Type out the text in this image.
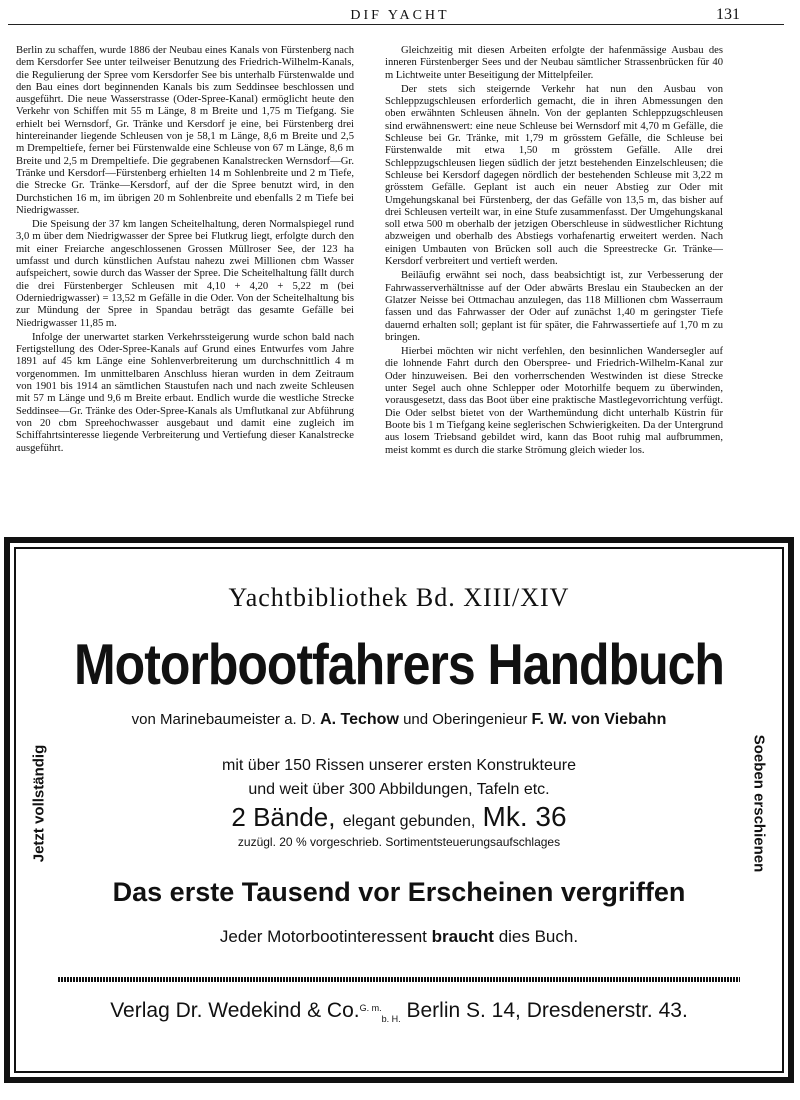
DIF YACHT	131

Berlin zu schaffen, wurde 1886 der Neubau eines Kanals von Fürstenberg nach dem Kersdorfer See unter teilweiser Benutzung des Friedrich-Wilhelm-Kanals, die Regulierung der Spree vom Kersdorfer See bis unterhalb Fürstenwalde und den Bau eines dort beginnenden Kanals bis zum Seddinsee beschlossen und ausgeführt. Die neue Wasserstrasse (Oder-Spree-Kanal) ermöglicht heute den Verkehr von Schiffen mit 55 m Länge, 8 m Breite und 1,75 m Tiefgang. Sie erhielt bei Wernsdorf, Gr. Tränke und Kersdorf je eine, bei Fürstenberg drei hintereinander liegende Schleusen von je 58,1 m Länge, 8,6 m Breite und 2,5 m Drempeltiefe, ferner bei Fürstenwalde eine Schleuse von 67 m Länge, 8,6 m Breite und 2,5 m Drempeltiefe. Die gegrabenen Kanalstrecken Wernsdorf—Gr. Tränke und Kersdorf—Fürstenberg erhielten 14 m Sohlenbreite und 2 m Tiefe, die Strecke Gr. Tränke—Kersdorf, auf der die Spree benutzt wird, in den Durchstichen 16 m, im übrigen 20 m Sohlenbreite und ebenfalls 2 m Tiefe bei Niedrigwasser.

Die Speisung der 37 km langen Scheitelhaltung, deren Normalspiegel rund 3,0 m über dem Niedrigwasser der Spree bei Flutkrug liegt, erfolgte durch den mit einer Freiarche angeschlossenen Grossen Müllroser See, der 123 ha umfasst und durch künstlichen Aufstau nahezu zwei Millionen cbm Wasser aufspeichert, sowie durch das Wasser der Spree. Die Scheitelhaltung fällt durch die drei Fürstenberger Schleusen mit 4,10 + 4,20 + 5,22 m (bei Oderniedrigwasser) = 13,52 m Gefälle in die Oder. Von der Scheitelhaltung bis zur Mündung der Spree in Spandau beträgt das gesamte Gefälle bei Niedrigwasser 11,85 m.

Infolge der unerwartet starken Verkehrssteigerung wurde schon bald nach Fertigstellung des Oder-Spree-Kanals auf Grund eines Entwurfes vom Jahre 1891 auf 45 km Länge eine Sohlenverbreiterung um durchschnittlich 4 m vorgenommen. Im unmittelbaren Anschluss hieran wurden in dem Zeitraum von 1901 bis 1914 an sämtlichen Staustufen nach und nach zweite Schleusen mit 57 m Länge und 9,6 m Breite erbaut. Endlich wurde die westliche Strecke Seddinsee—Gr. Tränke des Oder-Spree-Kanals als Umflutkanal zur Abführung von 20 cbm Spreehochwasser ausgebaut und damit eine zugleich im Schiffahrtsinteresse liegende Verbreiterung und Vertiefung dieser Kanalstrecke ausgeführt.

Gleichzeitig mit diesen Arbeiten erfolgte der hafenmässige Ausbau des inneren Fürstenberger Sees und der Neubau sämtlicher Strassenbrücken für 40 m Lichtweite unter Beseitigung der Mittelpfeiler.

Der stets sich steigernde Verkehr hat nun den Ausbau von Schleppzugschleusen erforderlich gemacht, die in ihren Abmessungen den oben erwähnten Schleusen ähneln. Von der geplanten Schleppzugschleusen sind erwähnenswert: eine neue Schleuse bei Wernsdorf mit 4,70 m Gefälle, die Schleuse bei Gr. Tränke, mit 1,79 m grösstem Gefälle, die Schleuse bei Fürstenwalde mit etwa 1,50 m grösstem Gefälle. Alle drei Schleppzugschleusen liegen südlich der jetzt bestehenden Einzelschleusen; die Schleuse bei Kersdorf dagegen nördlich der bestehenden Schleuse mit 3,22 m grösstem Gefälle. Geplant ist auch ein neuer Abstieg zur Oder mit Umgehungskanal bei Fürstenberg, der das Gefälle von 13,5 m, das bisher auf drei Schleusen verteilt war, in eine Stufe zusammenfasst. Der Umgehungskanal soll etwa 500 m oberhalb der jetzigen Oberschleuse in südwestlicher Richtung abzweigen und oberhalb des Abstiegs vorhafenartig erweitert werden. Nach einigen Umbauten von Brücken soll auch die Spreestrecke Gr. Tränke—Kersdorf verbreitert und vertieft werden.

Beiläufig erwähnt sei noch, dass beabsichtigt ist, zur Verbesserung der Fahrwasserverhältnisse auf der Oder abwärts Breslau ein Staubecken an der Glatzer Neisse bei Ottmachau anzulegen, das 118 Millionen cbm Wasserraum fassen und das Fahrwasser der Oder auf zunächst 1,40 m geringster Tiefe dauernd erhalten soll; geplant ist für später, die Fahrwassertiefe auf 1,70 m zu bringen.

Hierbei möchten wir nicht verfehlen, den besinnlichen Wandersegler auf die lohnende Fahrt durch den Oberspree- und Friedrich-Wilhelm-Kanal zur Oder hinzuweisen. Bei den vorherrschenden Westwinden ist diese Strecke unter Segel auch ohne Schlepper oder Motorhilfe bequem zu überwinden, vorausgesetzt, dass das Boot über eine praktische Mastlegevorrichtung verfügt. Die Oder selbst bietet von der Warthemündung dicht unterhalb Küstrin für Boote bis 1 m Tiefgang keine seglerischen Schwierigkeiten. Da der Untergrund aus losem Triebsand gebildet wird, kann das Boot ruhig mal aufbrummen, meist kommt es durch die starke Strömung gleich wieder los.

Yachtbibliothek Bd. XIII/XIV
Motorbootfahrers Handbuch
von Marinebaumeister a. D. A. Techow und Oberingenieur F. W. von Viebahn
mit über 150 Rissen unserer ersten Konstrukteure
und weit über 300 Abbildungen, Tafeln etc.
2 Bände, elegant gebunden, Mk. 36
zuzügl. 20 % vorgeschrieb. Sortimentsteuerungsaufschlages
Das erste Tausend vor Erscheinen vergriffen
Jeder Motorbootinteressent braucht dies Buch.
Verlag Dr. Wedekind & Co.$^{G. m.}_{b. H.}$ Berlin S. 14, Dresdenerstr. 43.
Jetzt vollständig	Soeben erschienen
